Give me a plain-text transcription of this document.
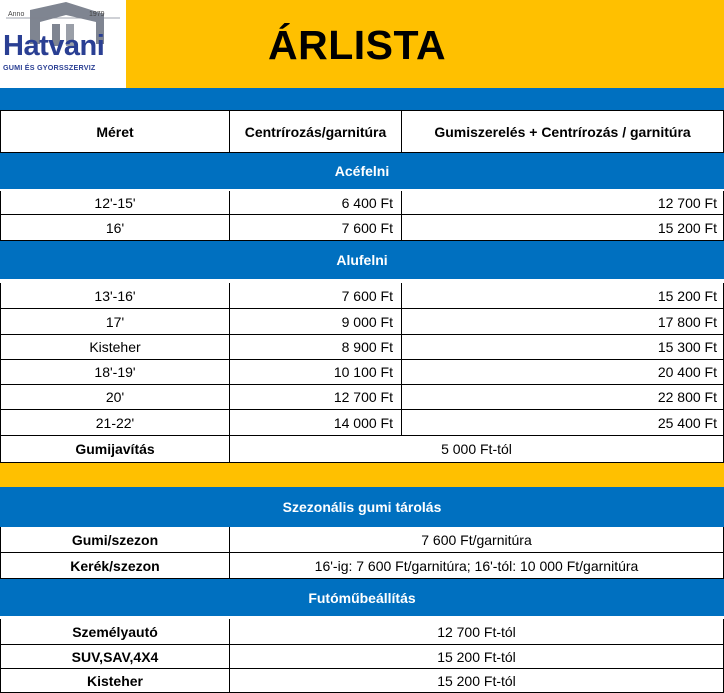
Anno	1979
Hatvani
GUMI ÉS GYORSSZERVIZ	ÁRLISTA
Méret	Centrírozás/garnitúra	Gumiszerelés + Centrírozás / garnitúra
Acéfelni
12'-15'	6 400 Ft	12 700 Ft
16'	7 600 Ft	15 200 Ft
Alufelni
13'-16'	7 600 Ft	15 200 Ft
17'	9 000 Ft	17 800 Ft
Kisteher	8 900 Ft	15 300 Ft
18'-19'	10 100 Ft	20 400 Ft
20'	12 700 Ft	22 800 Ft
21-22'	14 000 Ft	25 400 Ft
Gumijavítás	5 000 Ft-tól
Szezonális gumi tárolás
Gumi/szezon	7 600 Ft/garnitúra
Kerék/szezon	16'-ig: 7 600 Ft/garnitúra; 16'-tól: 10 000 Ft/garnitúra
Futóműbeállítás
Személyautó	12 700 Ft-tól
SUV,SAV,4X4	15 200 Ft-tól
Kisteher	15 200 Ft-tól
